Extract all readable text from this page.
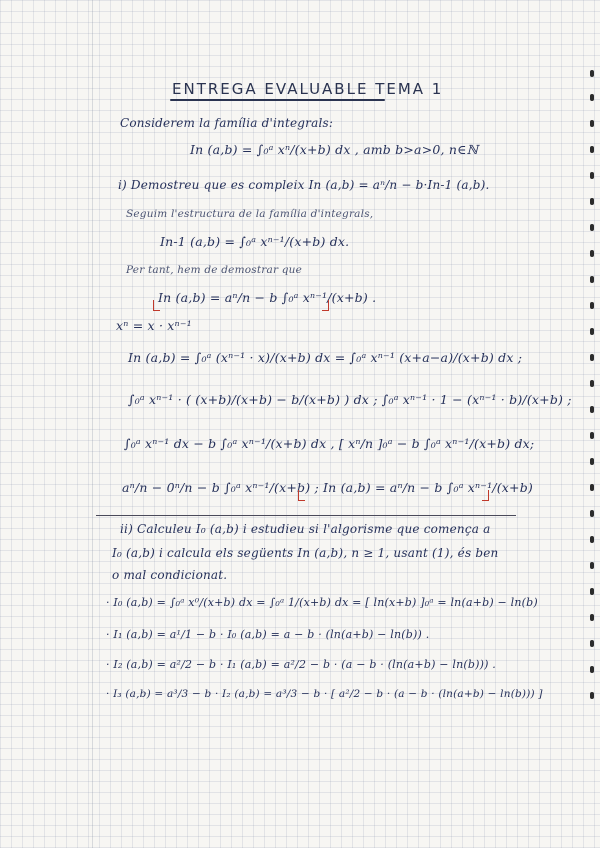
ENTREGA EVALUABLE TEMA 1
Considerem la família d'integrals:
In (a,b) = ∫₀ᵃ xⁿ/(x+b) dx , amb b>a>0, n∈ℕ
i) Demostreu que es compleix In (a,b) = aⁿ/n − b·In-1 (a,b).
Seguim l'estructura de la família d'integrals,
In-1 (a,b) = ∫₀ᵃ xⁿ⁻¹/(x+b) dx.
Per tant, hem de demostrar que
In (a,b) = aⁿ/n − b ∫₀ᵃ xⁿ⁻¹/(x+b) .
xⁿ = x · xⁿ⁻¹
In (a,b) = ∫₀ᵃ (xⁿ⁻¹ · x)/(x+b) dx = ∫₀ᵃ xⁿ⁻¹ (x+a−a)/(x+b) dx ;
∫₀ᵃ xⁿ⁻¹ · ( (x+b)/(x+b) − b/(x+b) ) dx ; ∫₀ᵃ xⁿ⁻¹ · 1 − (xⁿ⁻¹ · b)/(x+b) ;
∫₀ᵃ xⁿ⁻¹ dx − b ∫₀ᵃ xⁿ⁻¹/(x+b) dx , [ xⁿ/n ]₀ᵃ − b ∫₀ᵃ xⁿ⁻¹/(x+b) dx;
aⁿ/n − 0ⁿ/n − b ∫₀ᵃ xⁿ⁻¹/(x+b) ; In (a,b) = aⁿ/n − b ∫₀ᵃ xⁿ⁻¹/(x+b)
ii) Calculeu I₀ (a,b) i estudieu si l'algorisme que comença a
I₀ (a,b) i calcula els següents In (a,b), n ≥ 1, usant (1), és ben
o mal condicionat.
· I₀ (a,b) = ∫₀ᵃ x⁰/(x+b) dx = ∫₀ᵃ 1/(x+b) dx = [ ln(x+b) ]₀ᵃ = ln(a+b) − ln(b)
· I₁ (a,b) = a¹/1 − b · I₀ (a,b) = a − b · (ln(a+b) − ln(b)) .
· I₂ (a,b) = a²/2 − b · I₁ (a,b) = a²/2 − b · (a − b · (ln(a+b) − ln(b))) .
· I₃ (a,b) = a³/3 − b · I₂ (a,b) = a³/3 − b · [ a²/2 − b · (a − b · (ln(a+b) − ln(b))) ]
